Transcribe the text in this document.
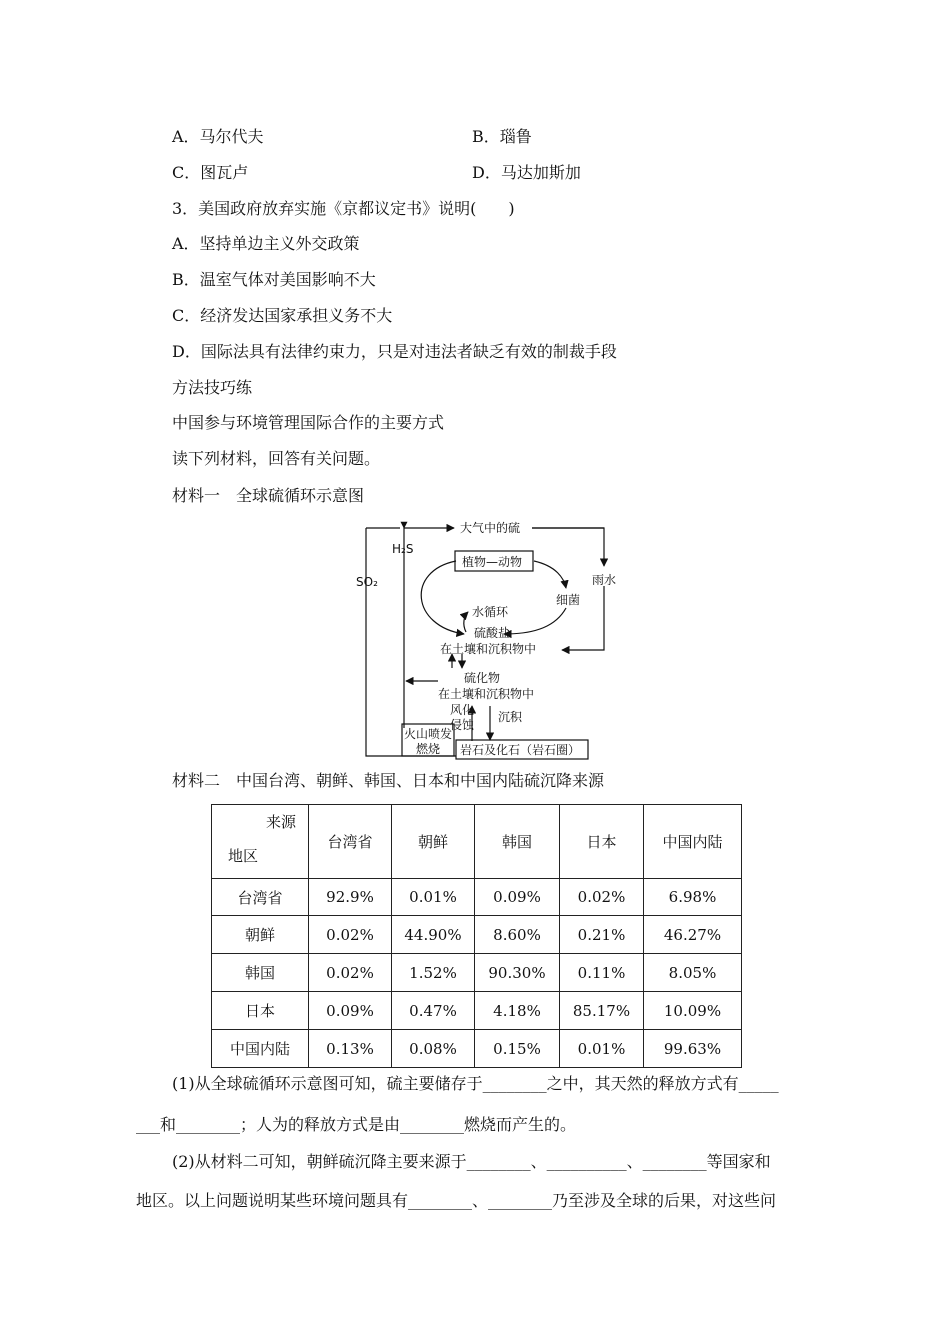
A．马尔代夫	B．瑙鲁
C．图瓦卢	D．马达加斯加
3．美国政府放弃实施《京都议定书》说明(　　)
A．坚持单边主义外交政策
B．温室气体对美国影响不大
C．经济发达国家承担义务不大
D．国际法具有法律约束力，只是对违法者缺乏有效的制裁手段
方法技巧练
中国参与环境管理国际合作的主要方式
读下列材料，回答有关问题。
材料一　全球硫循环示意图
大气中的硫
H₂S
SO₂
植物—动物
雨水
细菌
水循环
硫酸盐
在土壤和沉积物中
硫化物
在土壤和沉积物中
风化
侵蚀
沉积
火山喷发
燃烧 岩石及化石（岩石圈）
材料二　中国台湾、朝鲜、韩国、日本和中国内陆硫沉降来源
来源
地区	台湾省	朝鲜	韩国	日本	中国内陆
台湾省	92.9%	0.01%	0.09%	0.02%	6.98%
朝鲜	0.02%	44.90%	8.60%	0.21%	46.27%
韩国	0.02%	1.52%	90.30%	0.11%	8.05%
日本	0.09%	0.47%	4.18%	85.17%	10.09%
中国内陆	0.13%	0.08%	0.15%	0.01%	99.63%
(1)从全球硫循环示意图可知，硫主要储存于________之中，其天然的释放方式有_____
___和________；人为的释放方式是由________燃烧而产生的。
(2)从材料二可知，朝鲜硫沉降主要来源于________、__________、________等国家和
地区。以上问题说明某些环境问题具有________、________乃至涉及全球的后果，对这些问
